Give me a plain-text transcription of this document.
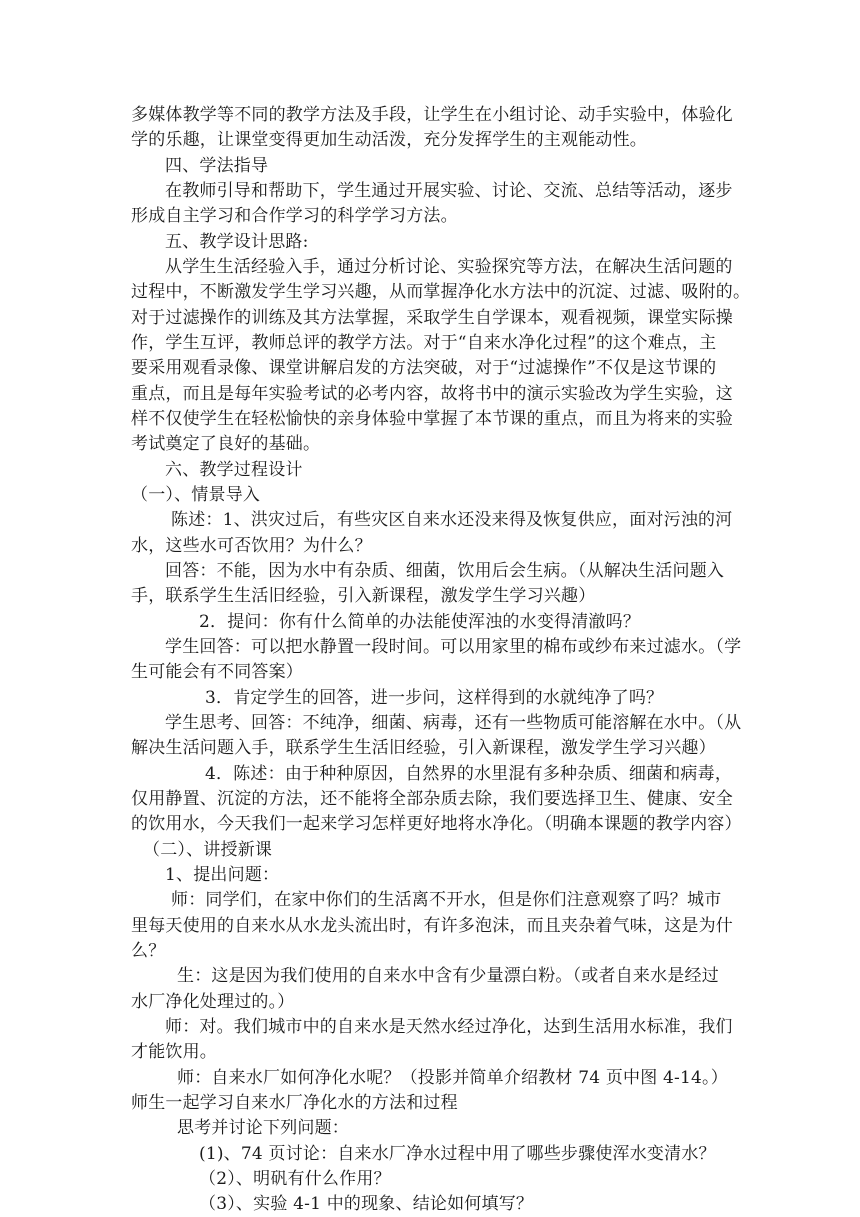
多媒体教学等不同的教学方法及手段，让学生在小组讨论、动手实验中，体验化

学的乐趣，让课堂变得更加生动活泼，充分发挥学生的主观能动性。

四、学法指导

在教师引导和帮助下，学生通过开展实验、讨论、交流、总结等活动，逐步

形成自主学习和合作学习的科学学习方法。

五、教学设计思路:

从学生生活经验入手，通过分析讨论、实验探究等方法，在解决生活问题的

过程中，不断激发学生学习兴趣，从而掌握净化水方法中的沉淀、过滤、吸附的。

对于过滤操作的训练及其方法掌握，采取学生自学课本，观看视频，课堂实际操

作，学生互评，教师总评的教学方法。对于“自来水净化过程”的这个难点，主

要采用观看录像、课堂讲解启发的方法突破，对于“过滤操作”不仅是这节课的

重点，而且是每年实验考试的必考内容，故将书中的演示实验改为学生实验，这

样不仅使学生在轻松愉快的亲身体验中掌握了本节课的重点，而且为将来的实验

考试奠定了良好的基础。

六、教学过程设计

（一）、情景导入

陈述：1、洪灾过后，有些灾区自来水还没来得及恢复供应，面对污浊的河

水，这些水可否饮用？为什么？

回答：不能，因为水中有杂质、细菌，饮用后会生病。（从解决生活问题入

手，联系学生生活旧经验，引入新课程，激发学生学习兴趣）

2．提问：你有什么简单的办法能使浑浊的水变得清澈吗？

学生回答：可以把水静置一段时间。可以用家里的棉布或纱布来过滤水。（学

生可能会有不同答案）

3．肯定学生的回答，进一步问，这样得到的水就纯净了吗？

学生思考、回答：不纯净，细菌、病毒，还有一些物质可能溶解在水中。（从

解决生活问题入手，联系学生生活旧经验，引入新课程，激发学生学习兴趣）

4．陈述：由于种种原因，自然界的水里混有多种杂质、细菌和病毒，

仅用静置、沉淀的方法，还不能将全部杂质去除，我们要选择卫生、健康、安全

的饮用水，今天我们一起来学习怎样更好地将水净化。（明确本课题的教学内容）

（二）、讲授新课

1、提出问题：

师：同学们，在家中你们的生活离不开水，但是你们注意观察了吗？城市

里每天使用的自来水从水龙头流出时，有许多泡沫，而且夹杂着气味，这是为什

么？

生：这是因为我们使用的自来水中含有少量漂白粉。（或者自来水是经过

水厂净化处理过的。）

师：对。我们城市中的自来水是天然水经过净化，达到生活用水标准，我们

才能饮用。

师：自来水厂如何净化水呢？（投影并简单介绍教材 74 页中图 4-14。）

师生一起学习自来水厂净化水的方法和过程

思考并讨论下列问题：

(1)、74 页讨论：自来水厂净水过程中用了哪些步骤使浑水变清水？

（2）、明矾有什么作用？

（3）、实验 4-1 中的现象、结论如何填写？
